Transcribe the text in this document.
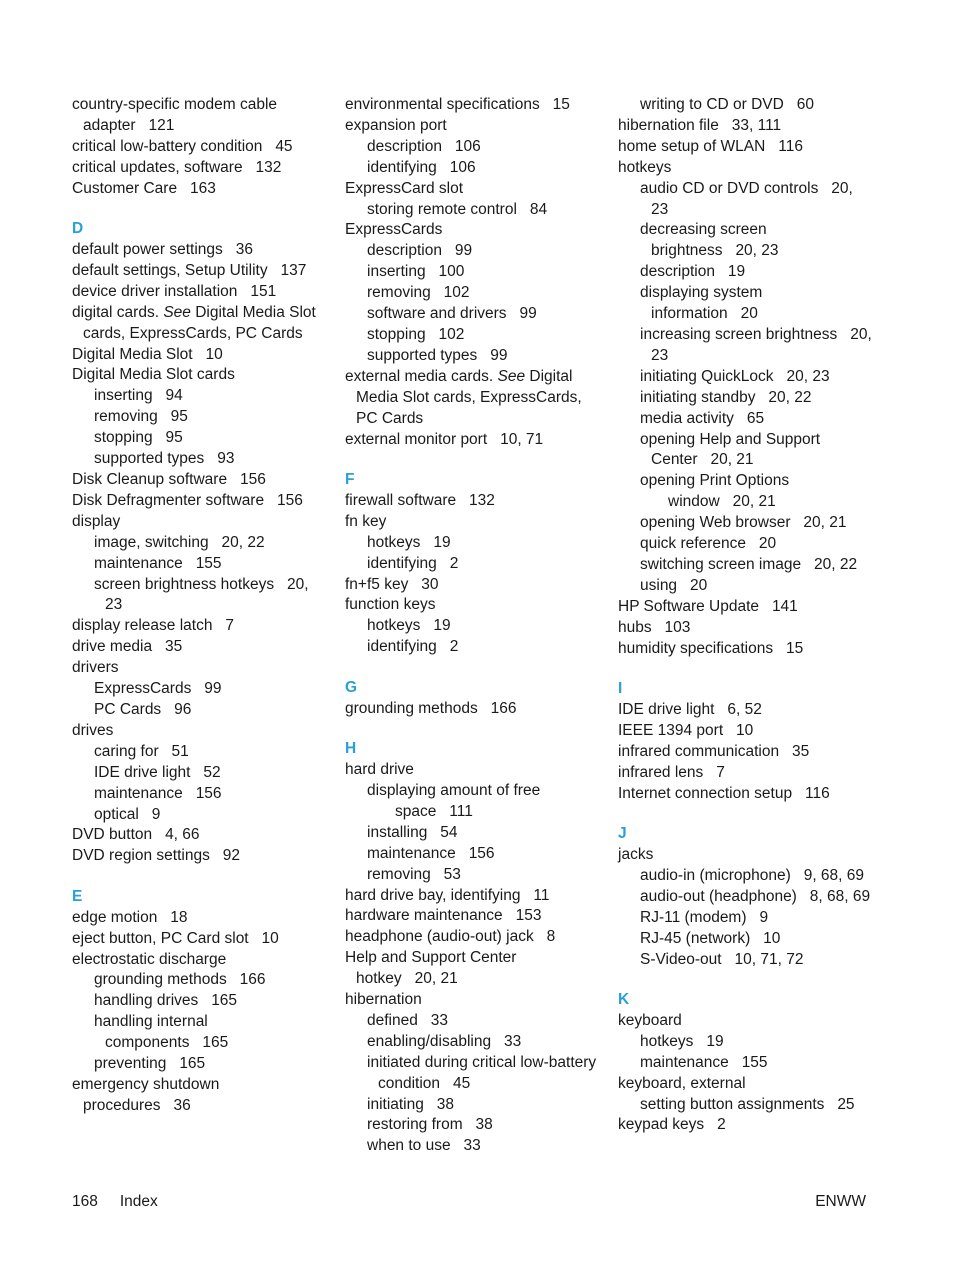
country-specific modem cable adapter 121
critical low-battery condition 45
critical updates, software 132
Customer Care 163
D
default power settings 36
default settings, Setup Utility 137
device driver installation 151
digital cards. See Digital Media Slot cards, ExpressCards, PC Cards
Digital Media Slot 10
Digital Media Slot cards
inserting 94
removing 95
stopping 95
supported types 93
Disk Cleanup software 156
Disk Defragmenter software 156
display
image, switching 20, 22
maintenance 155
screen brightness hotkeys 20, 23
display release latch 7
drive media 35
drivers
ExpressCards 99
PC Cards 96
drives
caring for 51
IDE drive light 52
maintenance 156
optical 9
DVD button 4, 66
DVD region settings 92
E
edge motion 18
eject button, PC Card slot 10
electrostatic discharge
grounding methods 166
handling drives 165
handling internal components 165
preventing 165
emergency shutdown procedures 36
environmental specifications 15
expansion port
description 106
identifying 106
ExpressCard slot
storing remote control 84
ExpressCards
description 99
inserting 100
removing 102
software and drivers 99
stopping 102
supported types 99
external media cards. See Digital Media Slot cards, ExpressCards, PC Cards
external monitor port 10, 71
F
firewall software 132
fn key
hotkeys 19
identifying 2
fn+f5 key 30
function keys
hotkeys 19
identifying 2
G
grounding methods 166
H
hard drive
displaying amount of free space 111
installing 54
maintenance 156
removing 53
hard drive bay, identifying 11
hardware maintenance 153
headphone (audio-out) jack 8
Help and Support Center hotkey 20, 21
hibernation
defined 33
enabling/disabling 33
initiated during critical low-battery condition 45
initiating 38
restoring from 38
when to use 33
writing to CD or DVD 60
hibernation file 33, 111
home setup of WLAN 116
hotkeys
audio CD or DVD controls 20, 23
decreasing screen brightness 20, 23
description 19
displaying system information 20
increasing screen brightness 20, 23
initiating QuickLock 20, 23
initiating standby 20, 22
media activity 65
opening Help and Support Center 20, 21
opening Print Options window 20, 21
opening Web browser 20, 21
quick reference 20
switching screen image 20, 22
using 20
HP Software Update 141
hubs 103
humidity specifications 15
I
IDE drive light 6, 52
IEEE 1394 port 10
infrared communication 35
infrared lens 7
Internet connection setup 116
J
jacks
audio-in (microphone) 9, 68, 69
audio-out (headphone) 8, 68, 69
RJ-11 (modem) 9
RJ-45 (network) 10
S-Video-out 10, 71, 72
K
keyboard
hotkeys 19
maintenance 155
keyboard, external
setting button assignments 25
keypad keys 2
168 Index	ENWW
